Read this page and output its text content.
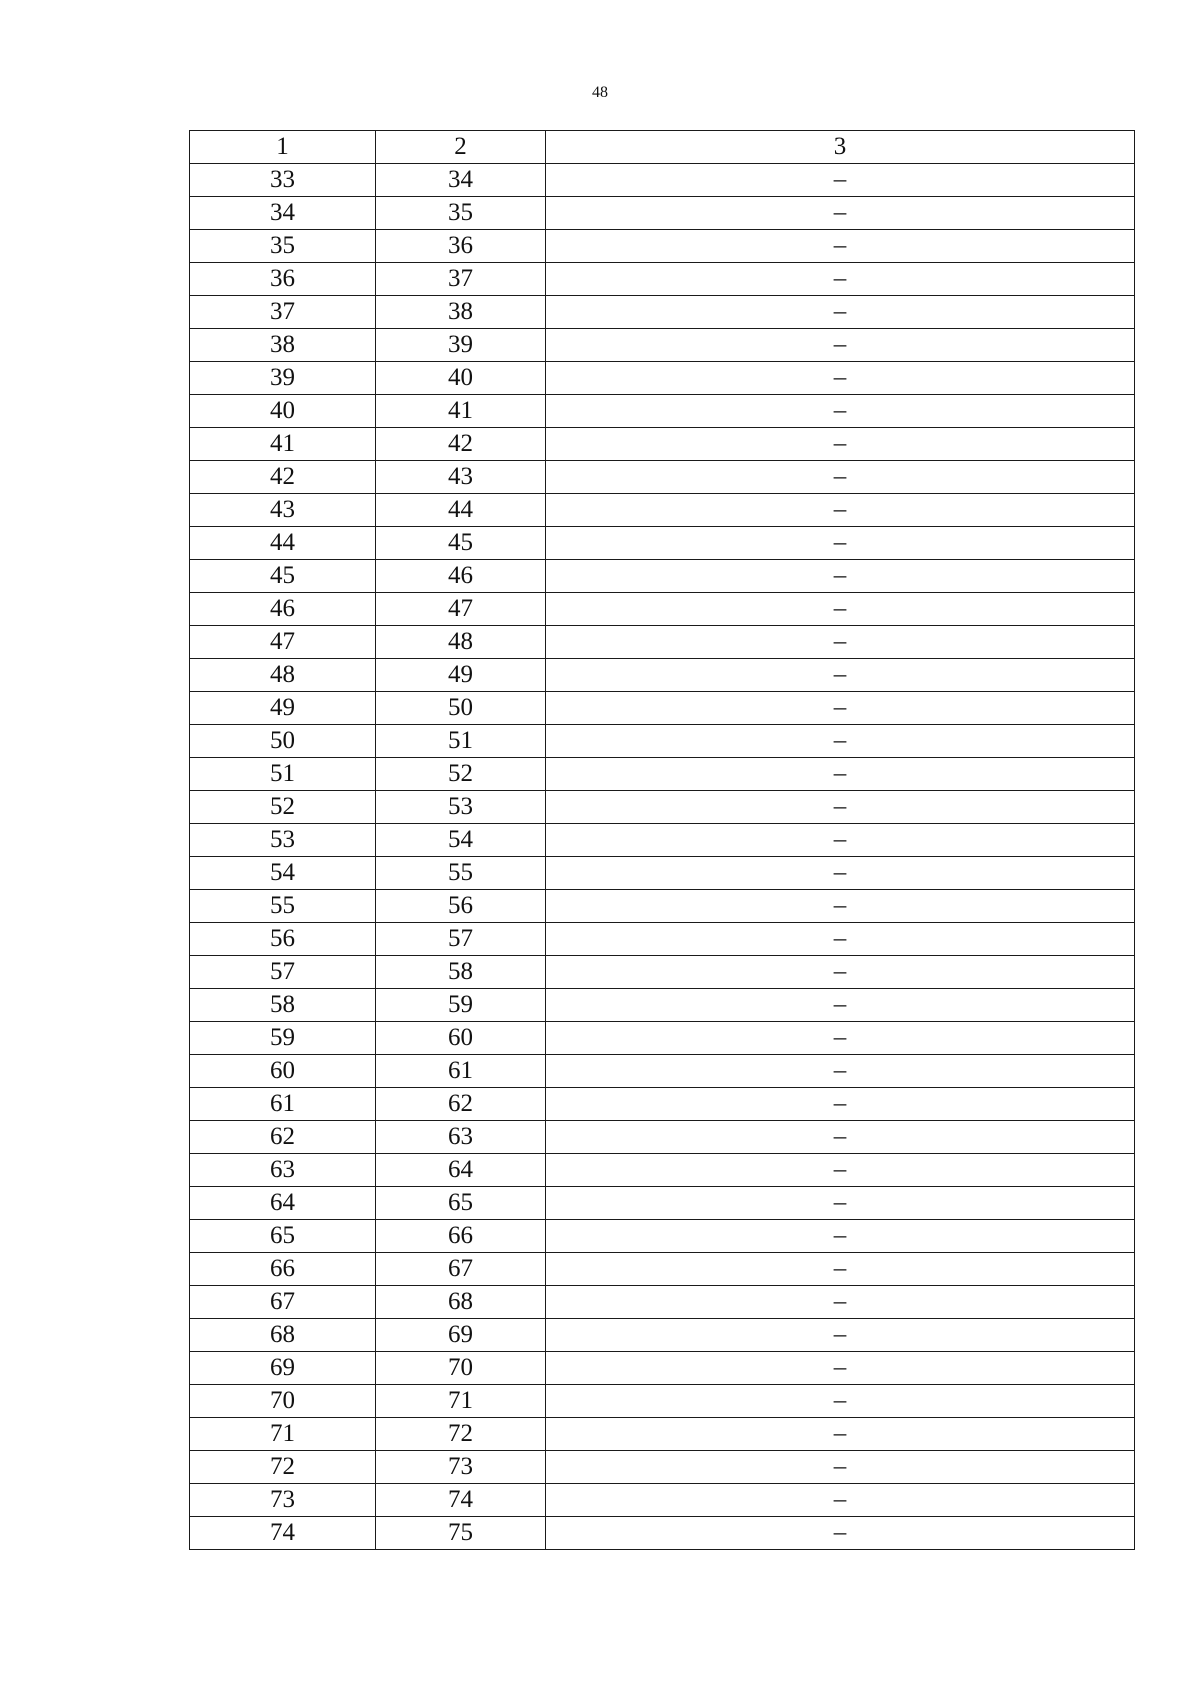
48
1	2	3
33	34	–
34	35	–
35	36	–
36	37	–
37	38	–
38	39	–
39	40	–
40	41	–
41	42	–
42	43	–
43	44	–
44	45	–
45	46	–
46	47	–
47	48	–
48	49	–
49	50	–
50	51	–
51	52	–
52	53	–
53	54	–
54	55	–
55	56	–
56	57	–
57	58	–
58	59	–
59	60	–
60	61	–
61	62	–
62	63	–
63	64	–
64	65	–
65	66	–
66	67	–
67	68	–
68	69	–
69	70	–
70	71	–
71	72	–
72	73	–
73	74	–
74	75	–
